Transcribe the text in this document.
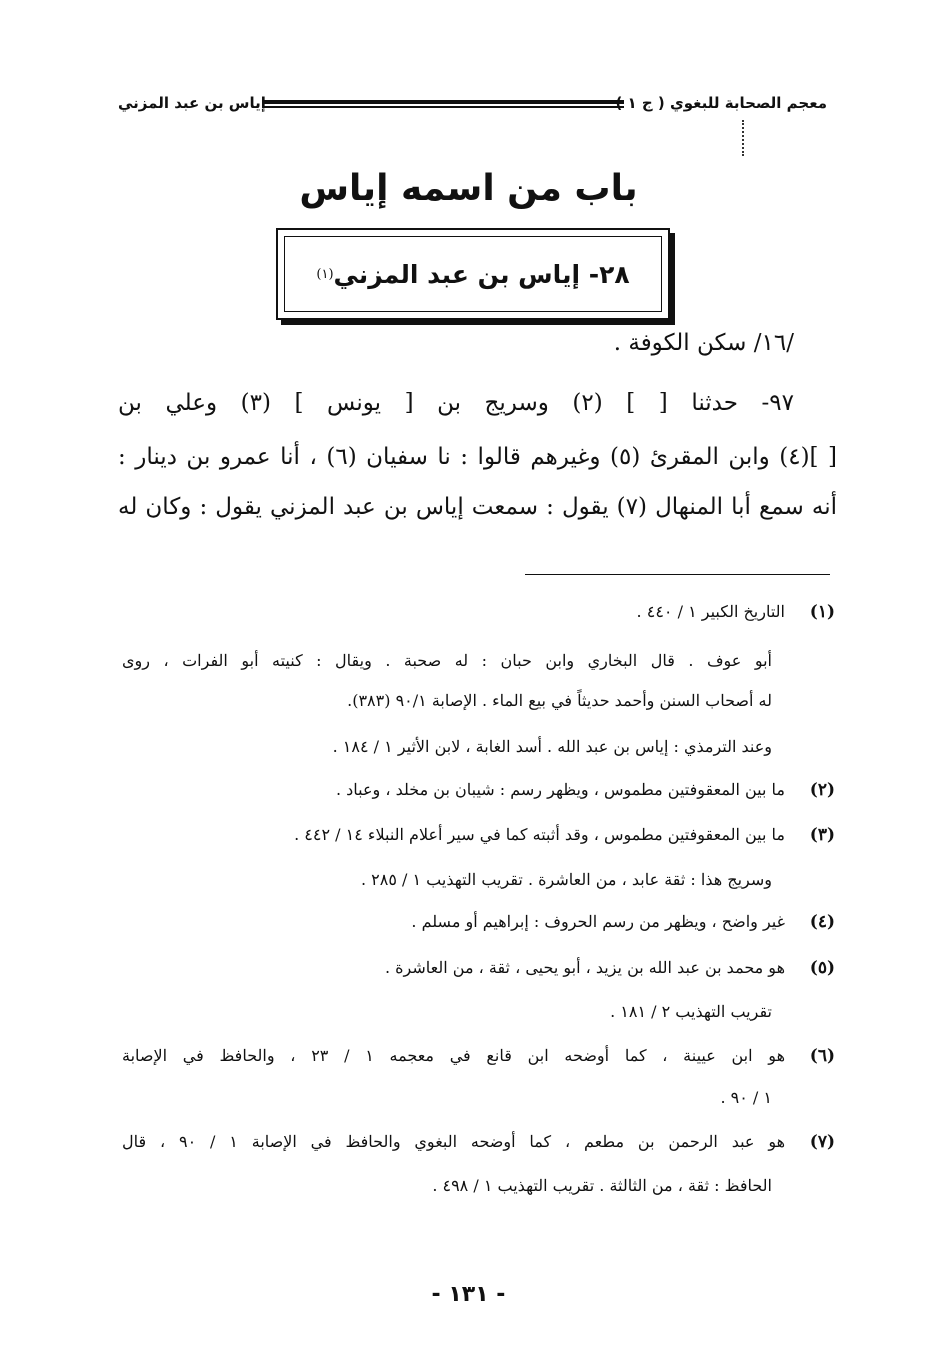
إياس بن عبد المزني	معجم الصحابة للبغوي ( ج ١ )
باب من اسمه إياس
٢٨- إياس بن عبد المزني
(١)
/١٦/ سكن الكوفة .
٩٧- حدثنا [ ] (٢) وسريج بن [ يونس ] (٣) وعلي بن
[ ](٤) وابن المقرئ (٥) وغيرهم قالوا : نا سفيان (٦) ، أنا عمرو بن دينار :
أنه سمع أبا المنهال (٧) يقول : سمعت إياس بن عبد المزني يقول : وكان له
(١)
التاريخ الكبير ١ / ٤٤٠ .
أبو عوف . قال البخاري وابن حبان : له صحبة . ويقال : كنيته أبو الفرات ، روى
له أصحاب السنن وأحمد حديثاً في بيع الماء . الإصابة ٩٠/١ (٣٨٣).
وعند الترمذي : إياس بن عبد الله . أسد الغابة ، لابن الأثير ١ / ١٨٤ .
(٢)
ما بين المعقوفتين مطموس ، ويظهر رسم : شيبان بن مخلد ، وعباد .
(٣)
ما بين المعقوفتين مطموس ، وقد أثبته كما في سير أعلام النبلاء ١٤ / ٤٤٢ .
وسريج هذا : ثقة عابد ، من العاشرة . تقريب التهذيب ١ / ٢٨٥ .
(٤)
غير واضح ، ويظهر من رسم الحروف : إبراهيم أو مسلم .
(٥)
هو محمد بن عبد الله بن يزيد ، أبو يحيى ، ثقة ، من العاشرة .
تقريب التهذيب ٢ / ١٨١ .
(٦)
هو ابن عيينة ، كما أوضحه ابن قانع في معجمه ١ / ٢٣ ، والحافظ في الإصابة
١ / ٩٠ .
(٧)
هو عبد الرحمن بن مطعم ، كما أوضحه البغوي والحافظ في الإصابة ١ / ٩٠ ، قال
الحافظ : ثقة ، من الثالثة . تقريب التهذيب ١ / ٤٩٨ .
- ١٣١ -
